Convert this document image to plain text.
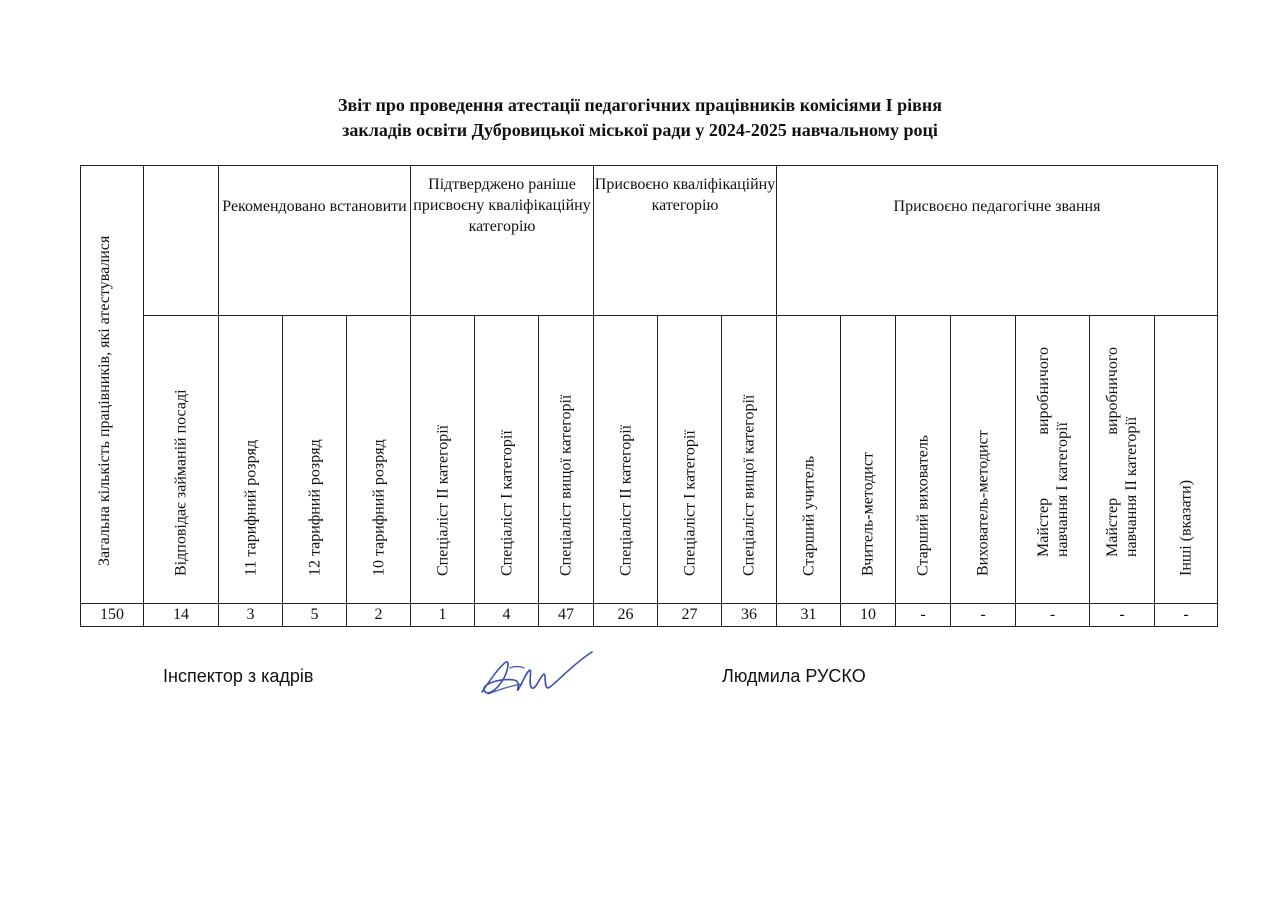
Звіт про проведення атестації педагогічних працівників комісіями І рівня
закладів освіти Дубровицької міської ради у 2024-2025 навчальному році
Загальна кількість працівників, які атестувалися		Рекомендовано встановити			Підтверджено раніше присвоєну кваліфікаційну категорію			Присвоєно кваліфікаційну категорію			Присвоєно педагогічне звання						

	Відповідає займаній посаді	11 тарифний розряд	12 тарифний розряд	10 тарифний розряд	Спеціаліст ІІ категорії	Спеціаліст І категорії	Спеціаліст вищої категорії	Спеціаліст ІІ категорії	Спеціаліст І категорії	Спеціаліст вищої категорії	Старший учитель	Вчитель-методист	Старший вихователь	Вихователь-методист	Майстер виробничого навчання І категорії	Майстер виробничого навчання ІІ категорії	Інші (вказати)

150	14	3	5	2	1	4	47	26	27	36	31	10	-	-	-	-	-
Інспектор з кадрів	Людмила РУСКО
